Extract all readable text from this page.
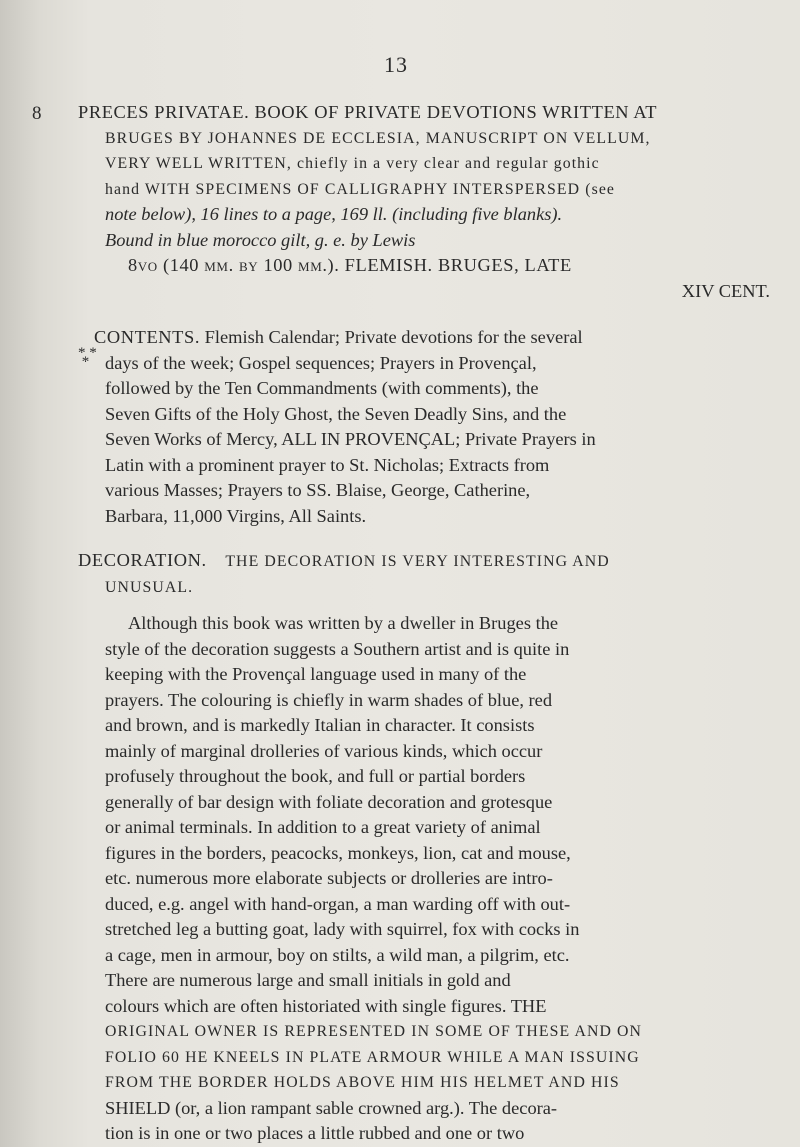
13
8 PRECES PRIVATAE. BOOK OF PRIVATE DEVOTIONS WRITTEN AT
BRUGES BY JOHANNES DE ECCLESIA, MANUSCRIPT ON VELLUM,
VERY WELL WRITTEN, chiefly in a very clear and regular gothic
hand WITH SPECIMENS OF CALLIGRAPHY INTERSPERSED (see
note below), 16 lines to a page, 169 ll. (including five blanks).
Bound in blue morocco gilt, g. e. by Lewis
8vo (140 mm. by 100 mm.). FLEMISH. BRUGES, LATE
XIV CENT.
CONTENTS. Flemish Calendar; Private devotions for the several
days of the week; Gospel sequences; Prayers in Provençal,
followed by the Ten Commandments (with comments), the
Seven Gifts of the Holy Ghost, the Seven Deadly Sins, and the
Seven Works of Mercy, ALL IN PROVENÇAL; Private Prayers in
Latin with a prominent prayer to St. Nicholas; Extracts from
various Masses; Prayers to SS. Blaise, George, Catherine,
Barbara, 11,000 Virgins, All Saints.
DECORATION. THE DECORATION IS VERY INTERESTING AND
UNUSUAL.
Although this book was written by a dweller in Bruges the
style of the decoration suggests a Southern artist and is quite in
keeping with the Provençal language used in many of the
prayers. The colouring is chiefly in warm shades of blue, red
and brown, and is markedly Italian in character. It consists
mainly of marginal drolleries of various kinds, which occur
profusely throughout the book, and full or partial borders
generally of bar design with foliate decoration and grotesque
or animal terminals. In addition to a great variety of animal
figures in the borders, peacocks, monkeys, lion, cat and mouse,
etc. numerous more elaborate subjects or drolleries are intro-
duced, e.g. angel with hand-organ, a man warding off with out-
stretched leg a butting goat, lady with squirrel, fox with cocks in
a cage, men in armour, boy on stilts, a wild man, a pilgrim, etc.
There are numerous large and small initials in gold and
colours which are often historiated with single figures. THE
ORIGINAL OWNER IS REPRESENTED IN SOME OF THESE AND ON
FOLIO 60 HE KNEELS IN PLATE ARMOUR WHILE A MAN ISSUING
FROM THE BORDER HOLDS ABOVE HIM HIS HELMET AND HIS
SHIELD (or, a lion rampant sable crowned arg.). The decora-
tion is in one or two places a little rubbed and one or two
* *
*
